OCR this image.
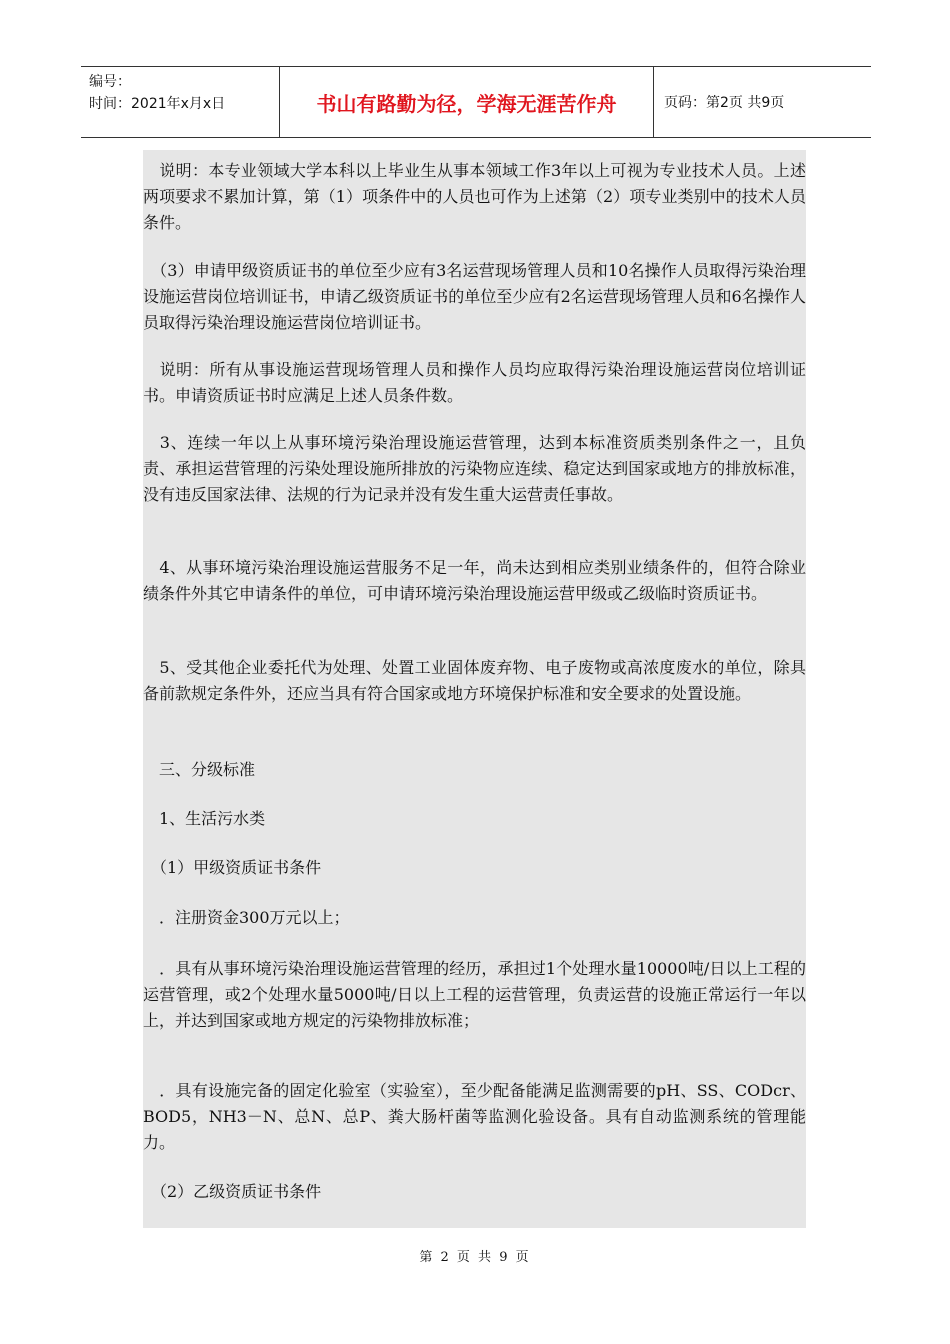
编号：
时间：2021年x月x日	书山有路勤为径，学海无涯苦作舟	页码：第2页 共9页

　说明：本专业领域大学本科以上毕业生从事本领域工作3年以上可视为专业技术人员。上述两项要求不累加计算，第（1）项条件中的人员也可作为上述第（2）项专业类别中的技术人员条件。

　（3）申请甲级资质证书的单位至少应有3名运营现场管理人员和10名操作人员取得污染治理设施运营岗位培训证书，申请乙级资质证书的单位至少应有2名运营现场管理人员和6名操作人员取得污染治理设施运营岗位培训证书。

　说明：所有从事设施运营现场管理人员和操作人员均应取得污染治理设施运营岗位培训证书。申请资质证书时应满足上述人员条件数。

　3、连续一年以上从事环境污染治理设施运营管理，达到本标准资质类别条件之一，且负责、承担运营管理的污染处理设施所排放的污染物应连续、稳定达到国家或地方的排放标准，没有违反国家法律、法规的行为记录并没有发生重大运营责任事故。

　4、从事环境污染治理设施运营服务不足一年，尚未达到相应类别业绩条件的，但符合除业绩条件外其它申请条件的单位，可申请环境污染治理设施运营甲级或乙级临时资质证书。

　5、受其他企业委托代为处理、处置工业固体废弃物、电子废物或高浓度废水的单位，除具备前款规定条件外，还应当具有符合国家或地方环境保护标准和安全要求的处置设施。

　三、分级标准

　1、生活污水类

　（1）甲级资质证书条件

　．注册资金300万元以上；

　．具有从事环境污染治理设施运营管理的经历，承担过1个处理水量10000吨/日以上工程的运营管理，或2个处理水量5000吨/日以上工程的运营管理，负责运营的设施正常运行一年以上，并达到国家或地方规定的污染物排放标准；

　．具有设施完备的固定化验室（实验室），至少配备能满足监测需要的pH、SS、CODcr、BOD5，NH3－N、总N、总P、粪大肠杆菌等监测化验设备。具有自动监测系统的管理能力。

　（2）乙级资质证书条件

第 2 页 共 9 页
